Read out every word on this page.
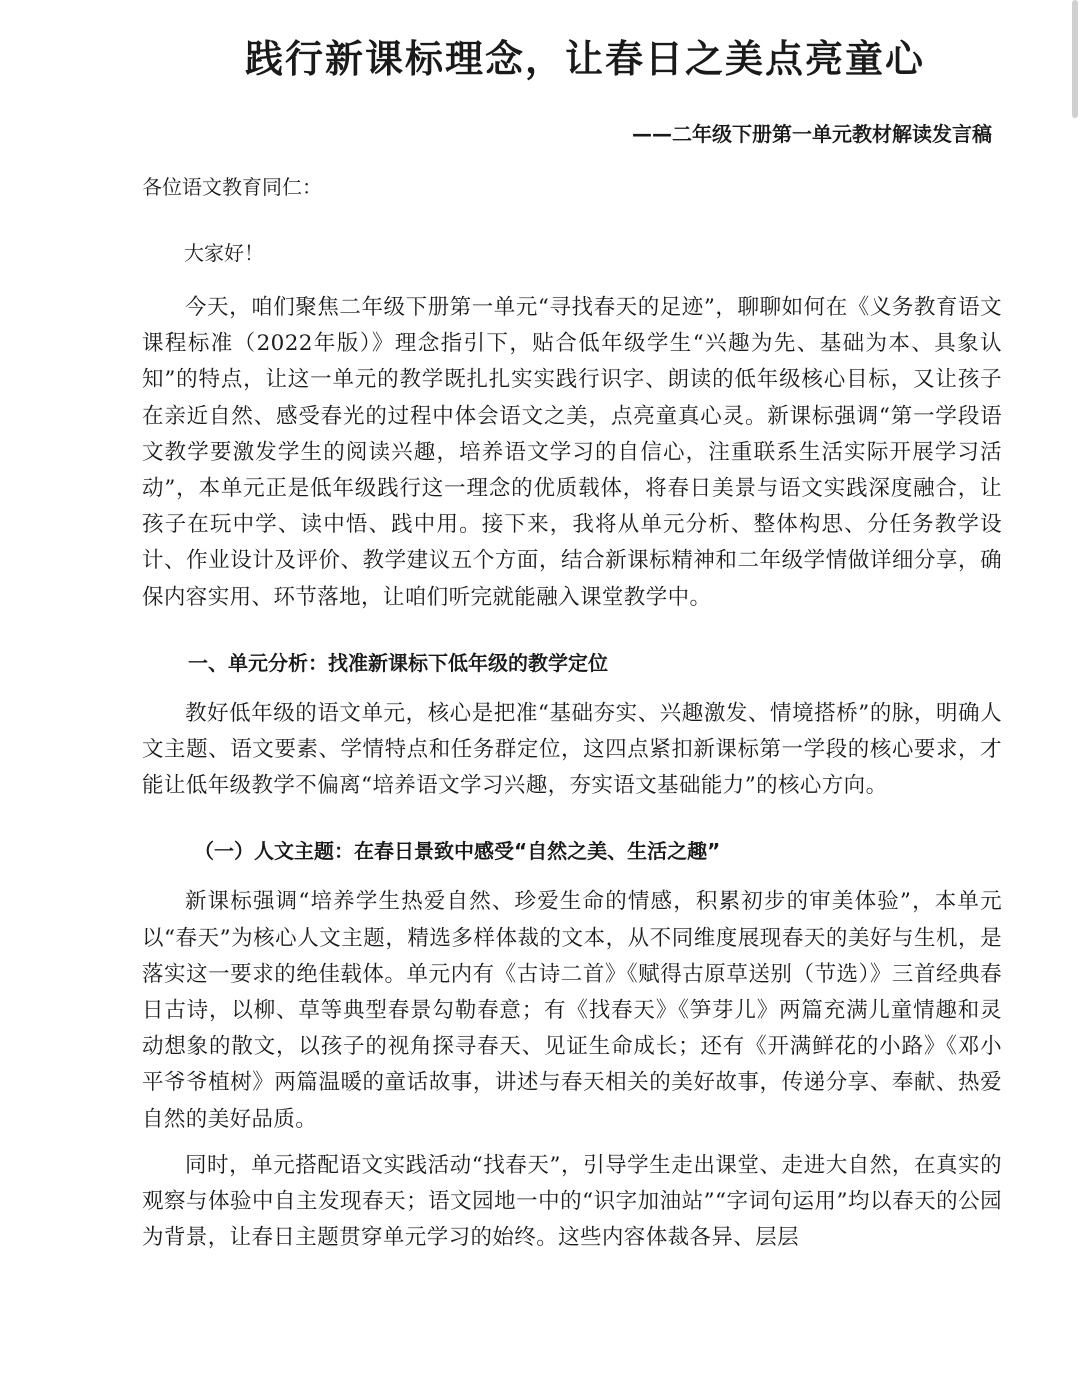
践行新课标理念，让春日之美点亮童心
——二年级下册第一单元教材解读发言稿
各位语文教育同仁：
大家好！

今天，咱们聚焦二年级下册第一单元“寻找春天的足迹”，聊聊如何在《义务教育语文课程标准（2022年版）》理念指引下，贴合低年级学生“兴趣为先、基础为本、具象认知”的特点，让这一单元的教学既扎扎实实践行识字、朗读的低年级核心目标，又让孩子在亲近自然、感受春光的过程中体会语文之美，点亮童真心灵。新课标强调“第一学段语文教学要激发学生的阅读兴趣，培养语文学习的自信心，注重联系生活实际开展学习活动”，本单元正是低年级践行这一理念的优质载体，将春日美景与语文实践深度融合，让孩子在玩中学、读中悟、践中用。接下来，我将从单元分析、整体构思、分任务教学设计、作业设计及评价、教学建议五个方面，结合新课标精神和二年级学情做详细分享，确保内容实用、环节落地，让咱们听完就能融入课堂教学中。

一、单元分析：找准新课标下低年级的教学定位

教好低年级的语文单元，核心是把准“基础夯实、兴趣激发、情境搭桥”的脉，明确人文主题、语文要素、学情特点和任务群定位，这四点紧扣新课标第一学段的核心要求，才能让低年级教学不偏离“培养语文学习兴趣，夯实语文基础能力”的核心方向。

（一）人文主题：在春日景致中感受“自然之美、生活之趣”

新课标强调“培养学生热爱自然、珍爱生命的情感，积累初步的审美体验”，本单元以“春天”为核心人文主题，精选多样体裁的文本，从不同维度展现春天的美好与生机，是落实这一要求的绝佳载体。单元内有《古诗二首》《赋得古原草送别（节选）》三首经典春日古诗，以柳、草等典型春景勾勒春意；有《找春天》《笋芽儿》两篇充满儿童情趣和灵动想象的散文，以孩子的视角探寻春天、见证生命成长；还有《开满鲜花的小路》《邓小平爷爷植树》两篇温暖的童话故事，讲述与春天相关的美好故事，传递分享、奉献、热爱自然的美好品质。

同时，单元搭配语文实践活动“找春天”，引导学生走出课堂、走进大自然，在真实的观察与体验中自主发现春天；语文园地一中的“识字加油站”“字词句运用”均以春天的公园为背景，让春日主题贯穿单元学习的始终。这些内容体裁各异、层层
